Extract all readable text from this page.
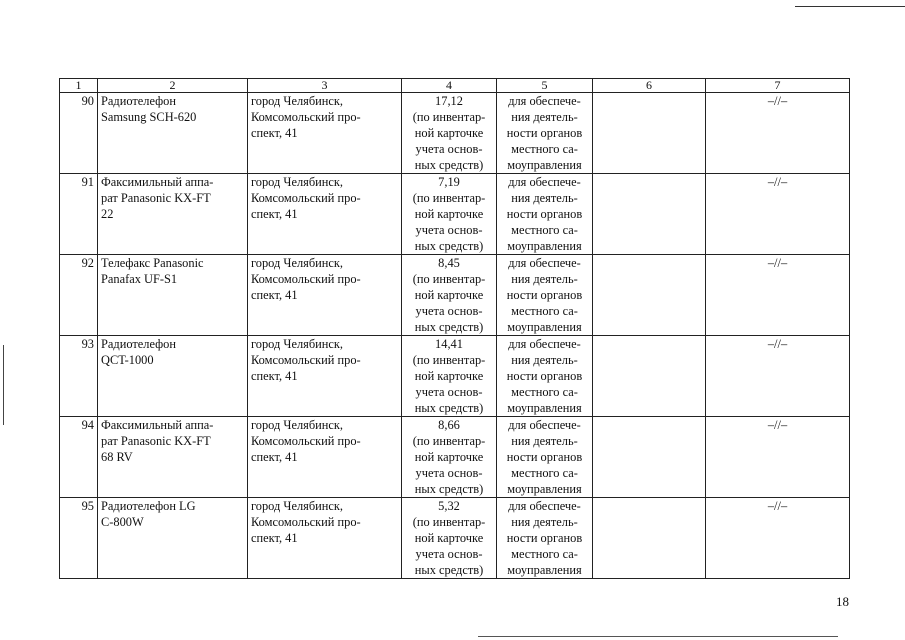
1	2	3	4	5	6	7
90	Радиотелефон
Samsung SCH-620	город Челябинск,
Комсомольский про-
спект, 41	17,12
(по инвентар-
ной карточке
учета основ-
ных средств)	для обеспече-
ния деятель-
ности органов
местного са-
моуправления		–//–
91	Факсимильный аппа-
рат Panasonic KX-FT
22	город Челябинск,
Комсомольский про-
спект, 41	7,19
(по инвентар-
ной карточке
учета основ-
ных средств)	для обеспече-
ния деятель-
ности органов
местного са-
моуправления		–//–
92	Телефакс Panasonic
Panafax UF-S1	город Челябинск,
Комсомольский про-
спект, 41	8,45
(по инвентар-
ной карточке
учета основ-
ных средств)	для обеспече-
ния деятель-
ности органов
местного са-
моуправления		–//–
93	Радиотелефон
QCT-1000	город Челябинск,
Комсомольский про-
спект, 41	14,41
(по инвентар-
ной карточке
учета основ-
ных средств)	для обеспече-
ния деятель-
ности органов
местного са-
моуправления		–//–
94	Факсимильный аппа-
рат Panasonic KX-FT
68 RV	город Челябинск,
Комсомольский про-
спект, 41	8,66
(по инвентар-
ной карточке
учета основ-
ных средств)	для обеспече-
ния деятель-
ности органов
местного са-
моуправления		–//–
95	Радиотелефон LG
C-800W	город Челябинск,
Комсомольский про-
спект, 41	5,32
(по инвентар-
ной карточке
учета основ-
ных средств)	для обеспече-
ния деятель-
ности органов
местного са-
моуправления		–//–
18
